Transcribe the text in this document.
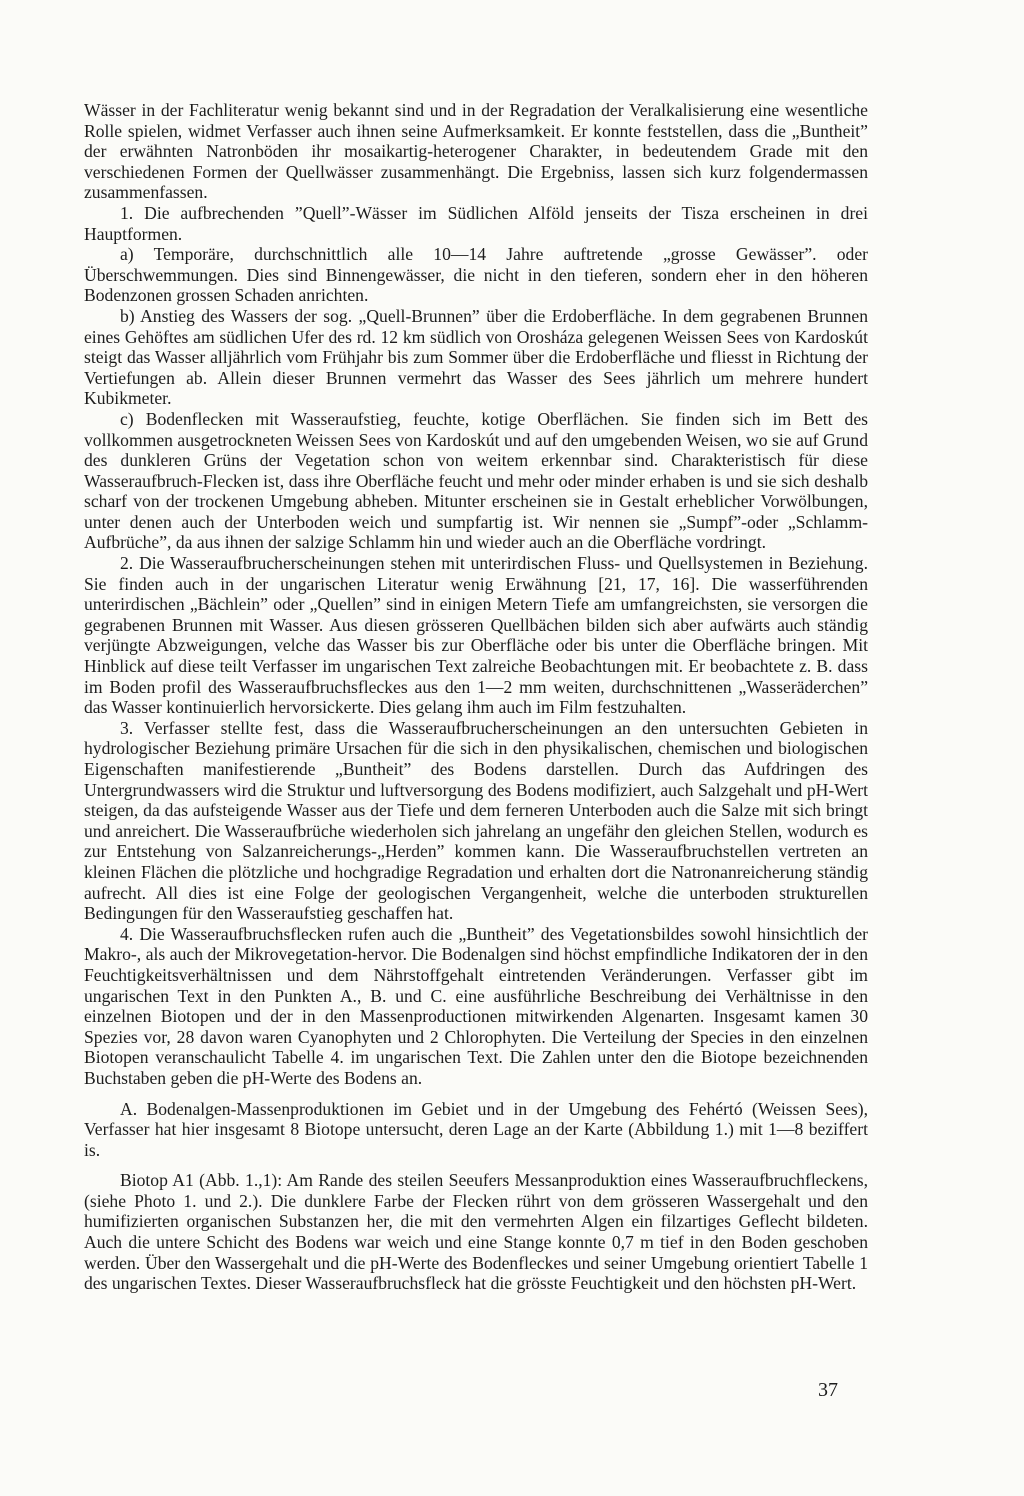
Wässer in der Fachliteratur wenig bekannt sind und in der Regradation der Veralkalisierung eine wesentliche Rolle spielen, widmet Verfasser auch ihnen seine Aufmerksamkeit. Er konnte feststellen, dass die „Buntheit” der erwähnten Natronböden ihr mosaikartig-heterogener Charakter, in bedeutendem Grade mit den verschiedenen Formen der Quellwässer zusammenhängt. Die Ergebniss, lassen sich kurz folgendermassen zusammenfassen.

1. Die aufbrechenden ”Quell”-Wässer im Südlichen Alföld jenseits der Tisza erscheinen in drei Hauptformen.

a) Temporäre, durchschnittlich alle 10—14 Jahre auftretende „grosse Gewässer”. oder Überschwemmungen. Dies sind Binnengewässer, die nicht in den tieferen, sondern eher in den höheren Bodenzonen grossen Schaden anrichten.

b) Anstieg des Wassers der sog. „Quell-Brunnen” über die Erdoberfläche. In dem gegrabenen Brunnen eines Gehöftes am südlichen Ufer des rd. 12 km südlich von Orosháza gelegenen Weissen Sees von Kardoskút steigt das Wasser alljährlich vom Frühjahr bis zum Sommer über die Erdoberfläche und fliesst in Richtung der Vertiefungen ab. Allein dieser Brunnen vermehrt das Wasser des Sees jährlich um mehrere hundert Kubikmeter.

c) Bodenflecken mit Wasseraufstieg, feuchte, kotige Oberflächen. Sie finden sich im Bett des vollkommen ausgetrockneten Weissen Sees von Kardoskút und auf den umgebenden Weisen, wo sie auf Grund des dunkleren Grüns der Vegetation schon von weitem erkennbar sind. Charakteristisch für diese Wasseraufbruch-Flecken ist, dass ihre Oberfläche feucht und mehr oder minder erhaben is und sie sich deshalb scharf von der trockenen Umgebung abheben. Mitunter erscheinen sie in Gestalt erheblicher Vorwölbungen, unter denen auch der Unterboden weich und sumpfartig ist. Wir nennen sie „Sumpf”-oder „Schlamm-Aufbrüche”, da aus ihnen der salzige Schlamm hin und wieder auch an die Oberfläche vordringt.

2. Die Wasseraufbrucherscheinungen stehen mit unterirdischen Fluss- und Quellsystemen in Beziehung. Sie finden auch in der ungarischen Literatur wenig Erwähnung [21, 17, 16]. Die wasserführenden unterirdischen „Bächlein” oder „Quellen” sind in einigen Metern Tiefe am umfangreichsten, sie versorgen die gegrabenen Brunnen mit Wasser. Aus diesen grösseren Quellbächen bilden sich aber aufwärts auch ständig verjüngte Abzweigungen, velche das Wasser bis zur Oberfläche oder bis unter die Oberfläche bringen. Mit Hinblick auf diese teilt Verfasser im ungarischen Text zalreiche Beobachtungen mit. Er beobachtete z. B. dass im Boden profil des Wasseraufbruchsfleckes aus den 1—2 mm weiten, durchschnittenen „Wasseräderchen” das Wasser kontinuierlich hervorsickerte. Dies gelang ihm auch im Film festzuhalten.

3. Verfasser stellte fest, dass die Wasseraufbrucherscheinungen an den untersuchten Gebieten in hydrologischer Beziehung primäre Ursachen für die sich in den physikalischen, chemischen und biologischen Eigenschaften manifestierende „Buntheit” des Bodens darstellen. Durch das Aufdringen des Untergrundwassers wird die Struktur und luftversorgung des Bodens modifiziert, auch Salzgehalt und pH-Wert steigen, da das aufsteigende Wasser aus der Tiefe und dem ferneren Unterboden auch die Salze mit sich bringt und anreichert. Die Wasseraufbrüche wiederholen sich jahrelang an ungefähr den gleichen Stellen, wodurch es zur Entstehung von Salzanreicherungs-„Herden” kommen kann. Die Wasseraufbruchstellen vertreten an kleinen Flächen die plötzliche und hochgradige Regradation und erhalten dort die Natronanreicherung ständig aufrecht. All dies ist eine Folge der geologischen Vergangenheit, welche die unterboden strukturellen Bedingungen für den Wasseraufstieg geschaffen hat.

4. Die Wasseraufbruchsflecken rufen auch die „Buntheit” des Vegetationsbildes sowohl hinsichtlich der Makro-, als auch der Mikrovegetation-hervor. Die Bodenalgen sind höchst empfindliche Indikatoren der in den Feuchtigkeitsverhältnissen und dem Nährstoffgehalt eintretenden Veränderungen. Verfasser gibt im ungarischen Text in den Punkten A., B. und C. eine ausführliche Beschreibung dei Verhältnisse in den einzelnen Biotopen und der in den Massenproductionen mitwirkenden Algenarten. Insgesamt kamen 30 Spezies vor, 28 davon waren Cyanophyten und 2 Chlorophyten. Die Verteilung der Species in den einzelnen Biotopen veranschaulicht Tabelle 4. im ungarischen Text. Die Zahlen unter den die Biotope bezeichnenden Buchstaben geben die pH-Werte des Bodens an.

A. Bodenalgen-Massenproduktionen im Gebiet und in der Umgebung des Fehértó (Weissen Sees), Verfasser hat hier insgesamt 8 Biotope untersucht, deren Lage an der Karte (Abbildung 1.) mit 1—8 beziffert is.

Biotop A1 (Abb. 1.,1): Am Rande des steilen Seeufers Messanproduktion eines Wasseraufbruchfleckens, (siehe Photo 1. und 2.). Die dunklere Farbe der Flecken rührt von dem grösseren Wassergehalt und den humifizierten organischen Substanzen her, die mit den vermehrten Algen ein filzartiges Geflecht bildeten. Auch die untere Schicht des Bodens war weich und eine Stange konnte 0,7 m tief in den Boden geschoben werden. Über den Wassergehalt und die pH-Werte des Bodenfleckes und seiner Umgebung orientiert Tabelle 1 des ungarischen Textes. Dieser Wasseraufbruchsfleck hat die grösste Feuchtigkeit und den höchsten pH-Wert.

37
